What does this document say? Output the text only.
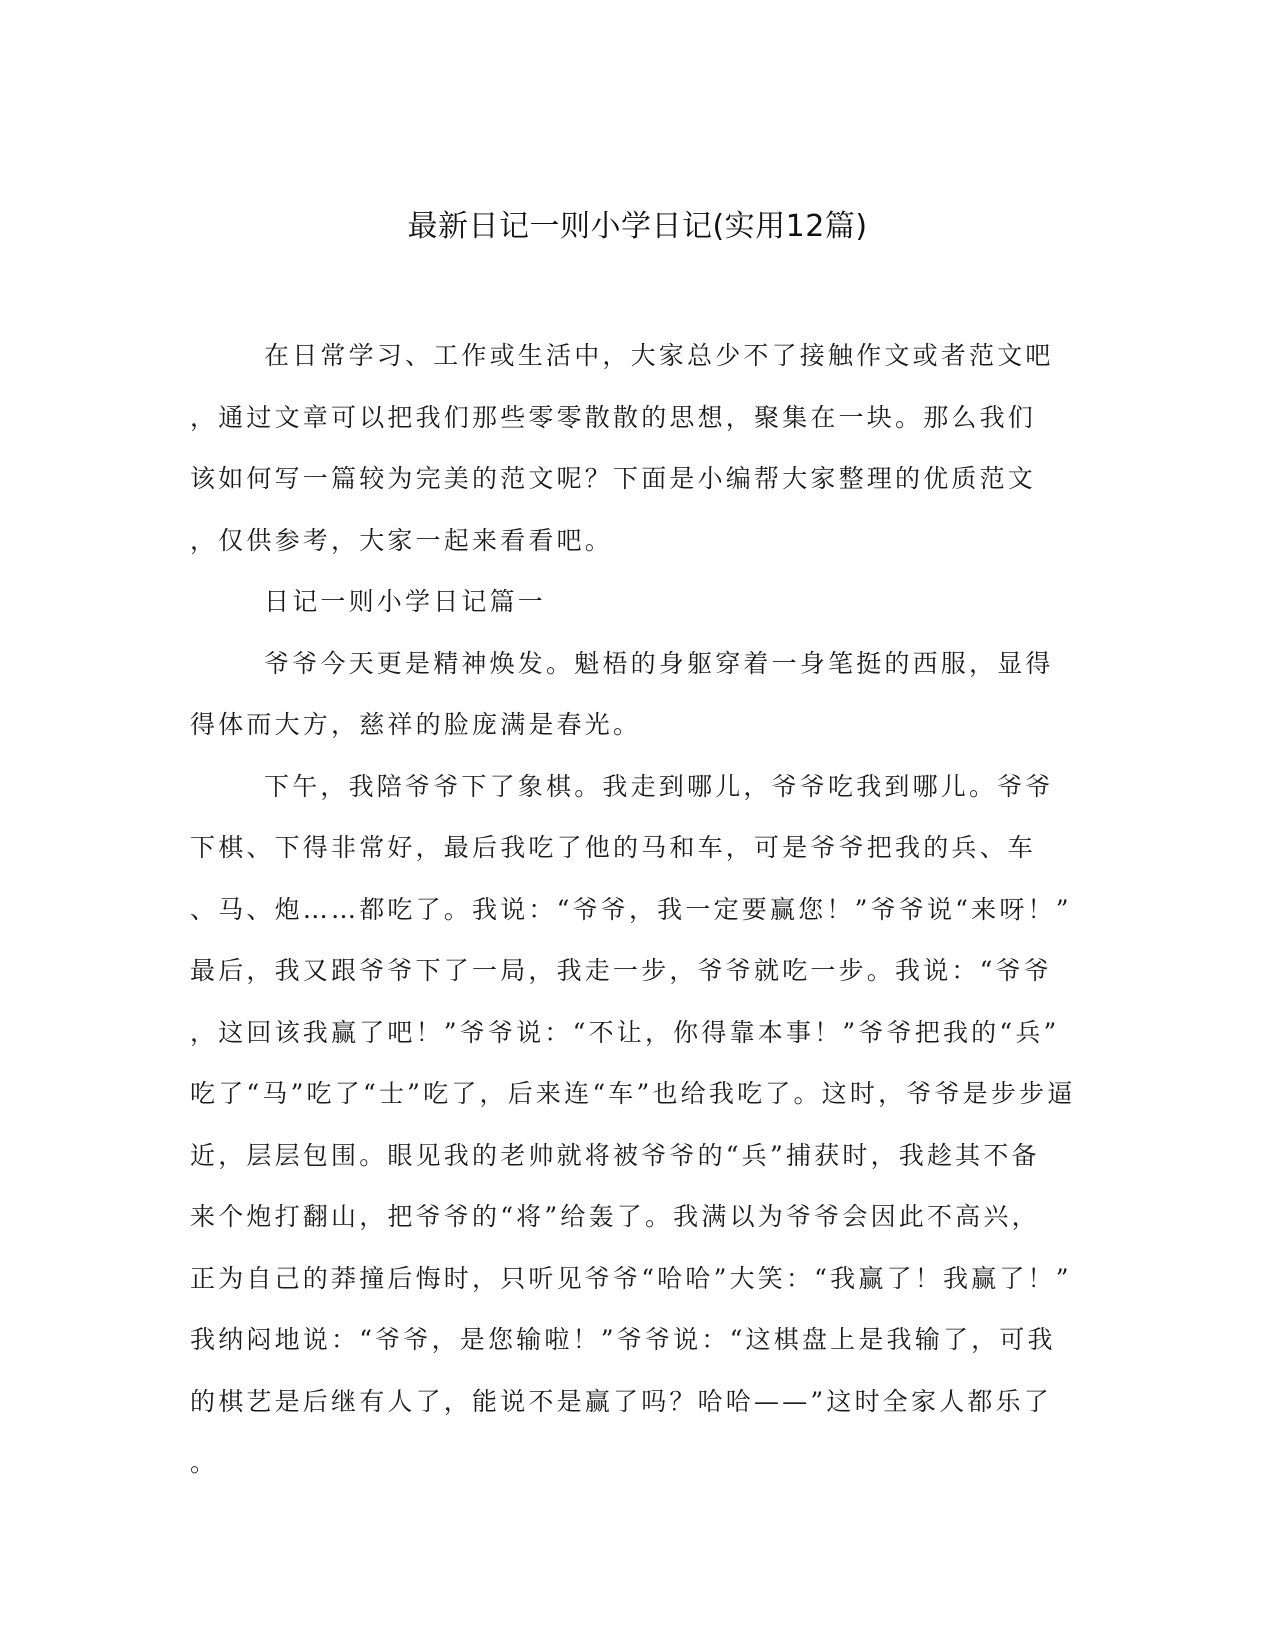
最新日记一则小学日记(实用12篇)
在日常学习、工作或生活中，大家总少不了接触作文或者范文吧
，通过文章可以把我们那些零零散散的思想，聚集在一块。那么我们
该如何写一篇较为完美的范文呢？下面是小编帮大家整理的优质范文
，仅供参考，大家一起来看看吧。
日记一则小学日记篇一
爷爷今天更是精神焕发。魁梧的身躯穿着一身笔挺的西服，显得
得体而大方，慈祥的脸庞满是春光。
下午，我陪爷爷下了象棋。我走到哪儿，爷爷吃我到哪儿。爷爷
下棋、下得非常好，最后我吃了他的马和车，可是爷爷把我的兵、车
、马、炮……都吃了。我说：“爷爷，我一定要赢您！”爷爷说“来呀！”
最后，我又跟爷爷下了一局，我走一步，爷爷就吃一步。我说：“爷爷
，这回该我赢了吧！”爷爷说：“不让，你得靠本事！”爷爷把我的“兵”
吃了“马”吃了“士”吃了，后来连“车”也给我吃了。这时，爷爷是步步逼
近，层层包围。眼见我的老帅就将被爷爷的“兵”捕获时，我趁其不备
来个炮打翻山，把爷爷的“将”给轰了。我满以为爷爷会因此不高兴，
正为自己的莽撞后悔时，只听见爷爷“哈哈”大笑：“我赢了！我赢了！”
我纳闷地说：“爷爷，是您输啦！”爷爷说：“这棋盘上是我输了，可我
的棋艺是后继有人了，能说不是赢了吗？哈哈——”这时全家人都乐了
。
